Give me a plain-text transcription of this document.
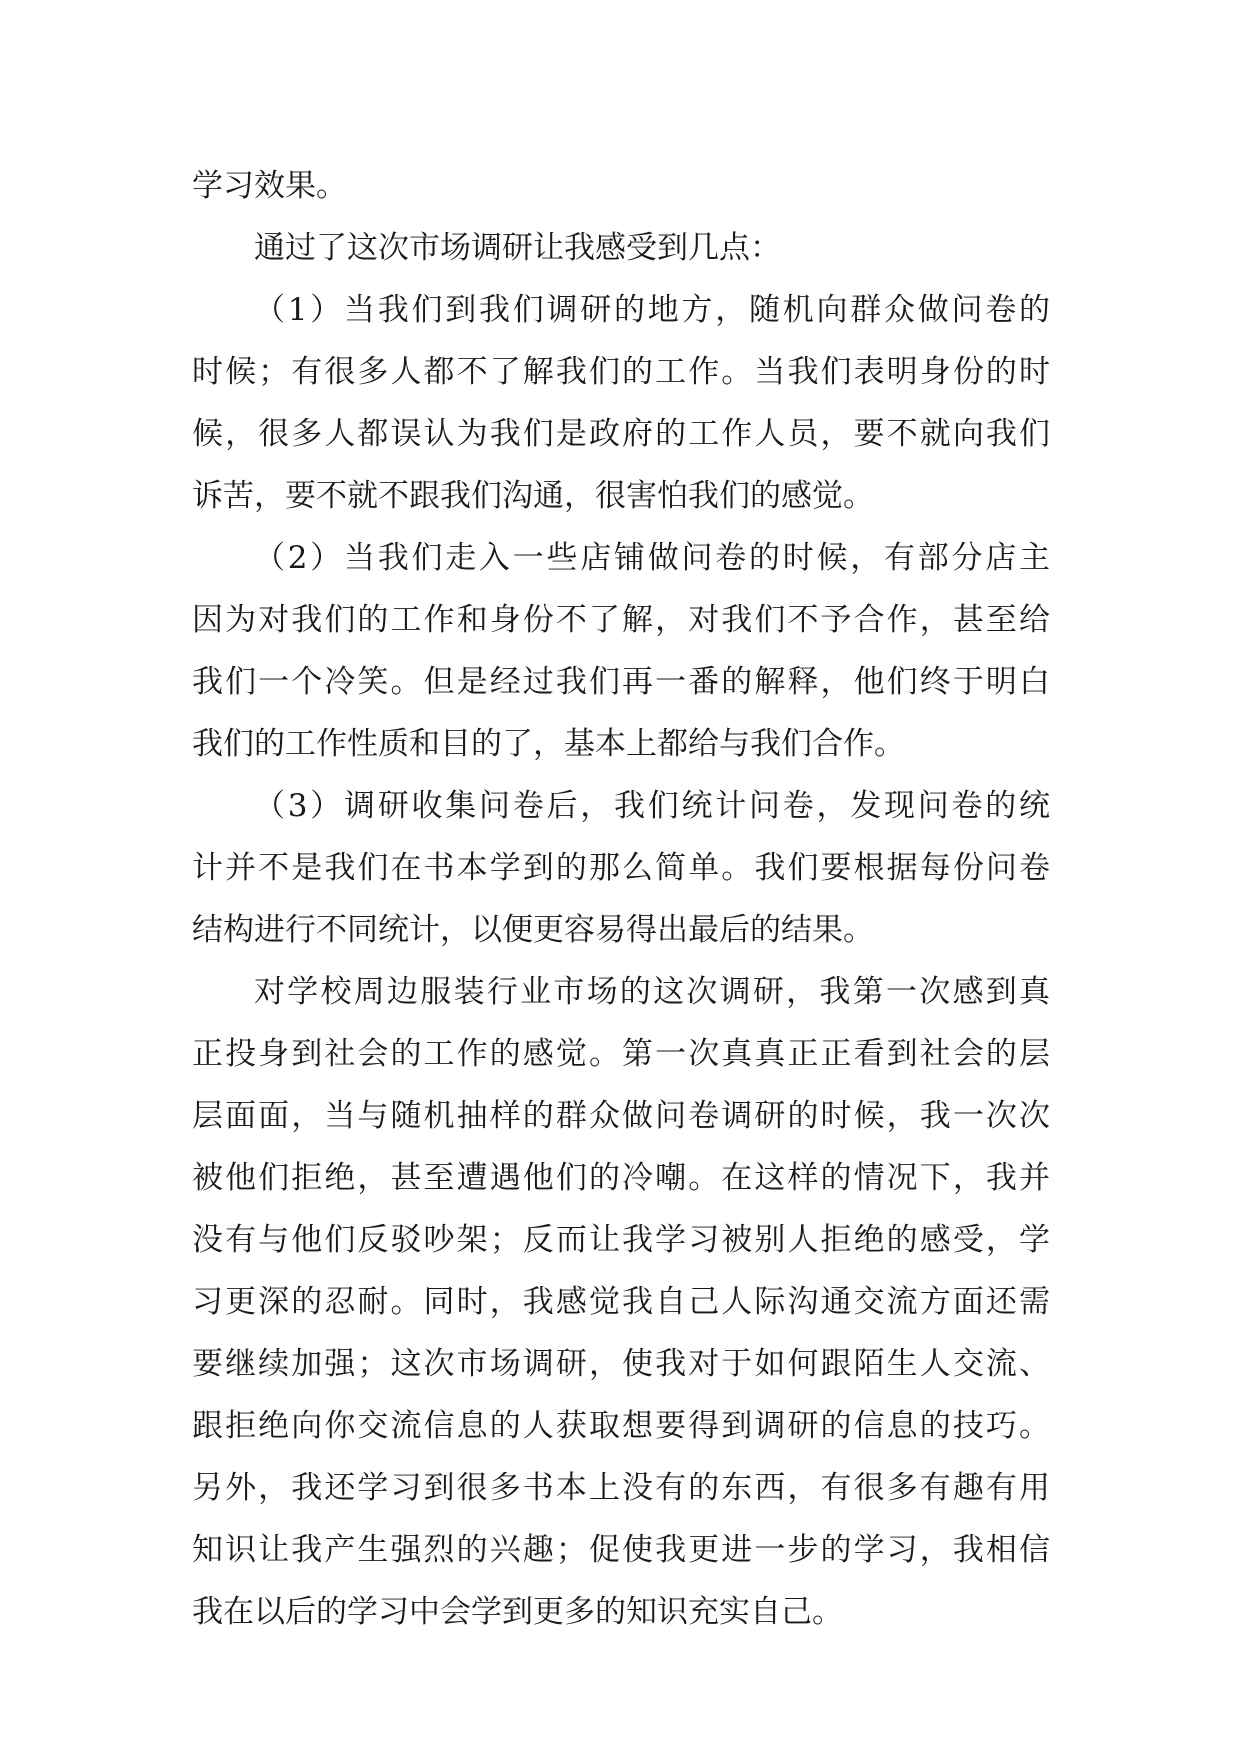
学习效果。
通过了这次市场调研让我感受到几点：
（1）当我们到我们调研的地方，随机向群众做问卷的
时候；有很多人都不了解我们的工作。当我们表明身份的时
候，很多人都误认为我们是政府的工作人员，要不就向我们
诉苦，要不就不跟我们沟通，很害怕我们的感觉。
（2）当我们走入一些店铺做问卷的时候，有部分店主
因为对我们的工作和身份不了解，对我们不予合作，甚至给
我们一个冷笑。但是经过我们再一番的解释，他们终于明白
我们的工作性质和目的了，基本上都给与我们合作。
（3）调研收集问卷后，我们统计问卷，发现问卷的统
计并不是我们在书本学到的那么简单。我们要根据每份问卷
结构进行不同统计，以便更容易得出最后的结果。
对学校周边服装行业市场的这次调研，我第一次感到真
正投身到社会的工作的感觉。第一次真真正正看到社会的层
层面面，当与随机抽样的群众做问卷调研的时候，我一次次
被他们拒绝，甚至遭遇他们的冷嘲。在这样的情况下，我并
没有与他们反驳吵架；反而让我学习被别人拒绝的感受，学
习更深的忍耐。同时，我感觉我自己人际沟通交流方面还需
要继续加强；这次市场调研，使我对于如何跟陌生人交流、
跟拒绝向你交流信息的人获取想要得到调研的信息的技巧。
另外，我还学习到很多书本上没有的东西，有很多有趣有用
知识让我产生强烈的兴趣；促使我更进一步的学习，我相信
我在以后的学习中会学到更多的知识充实自己。
